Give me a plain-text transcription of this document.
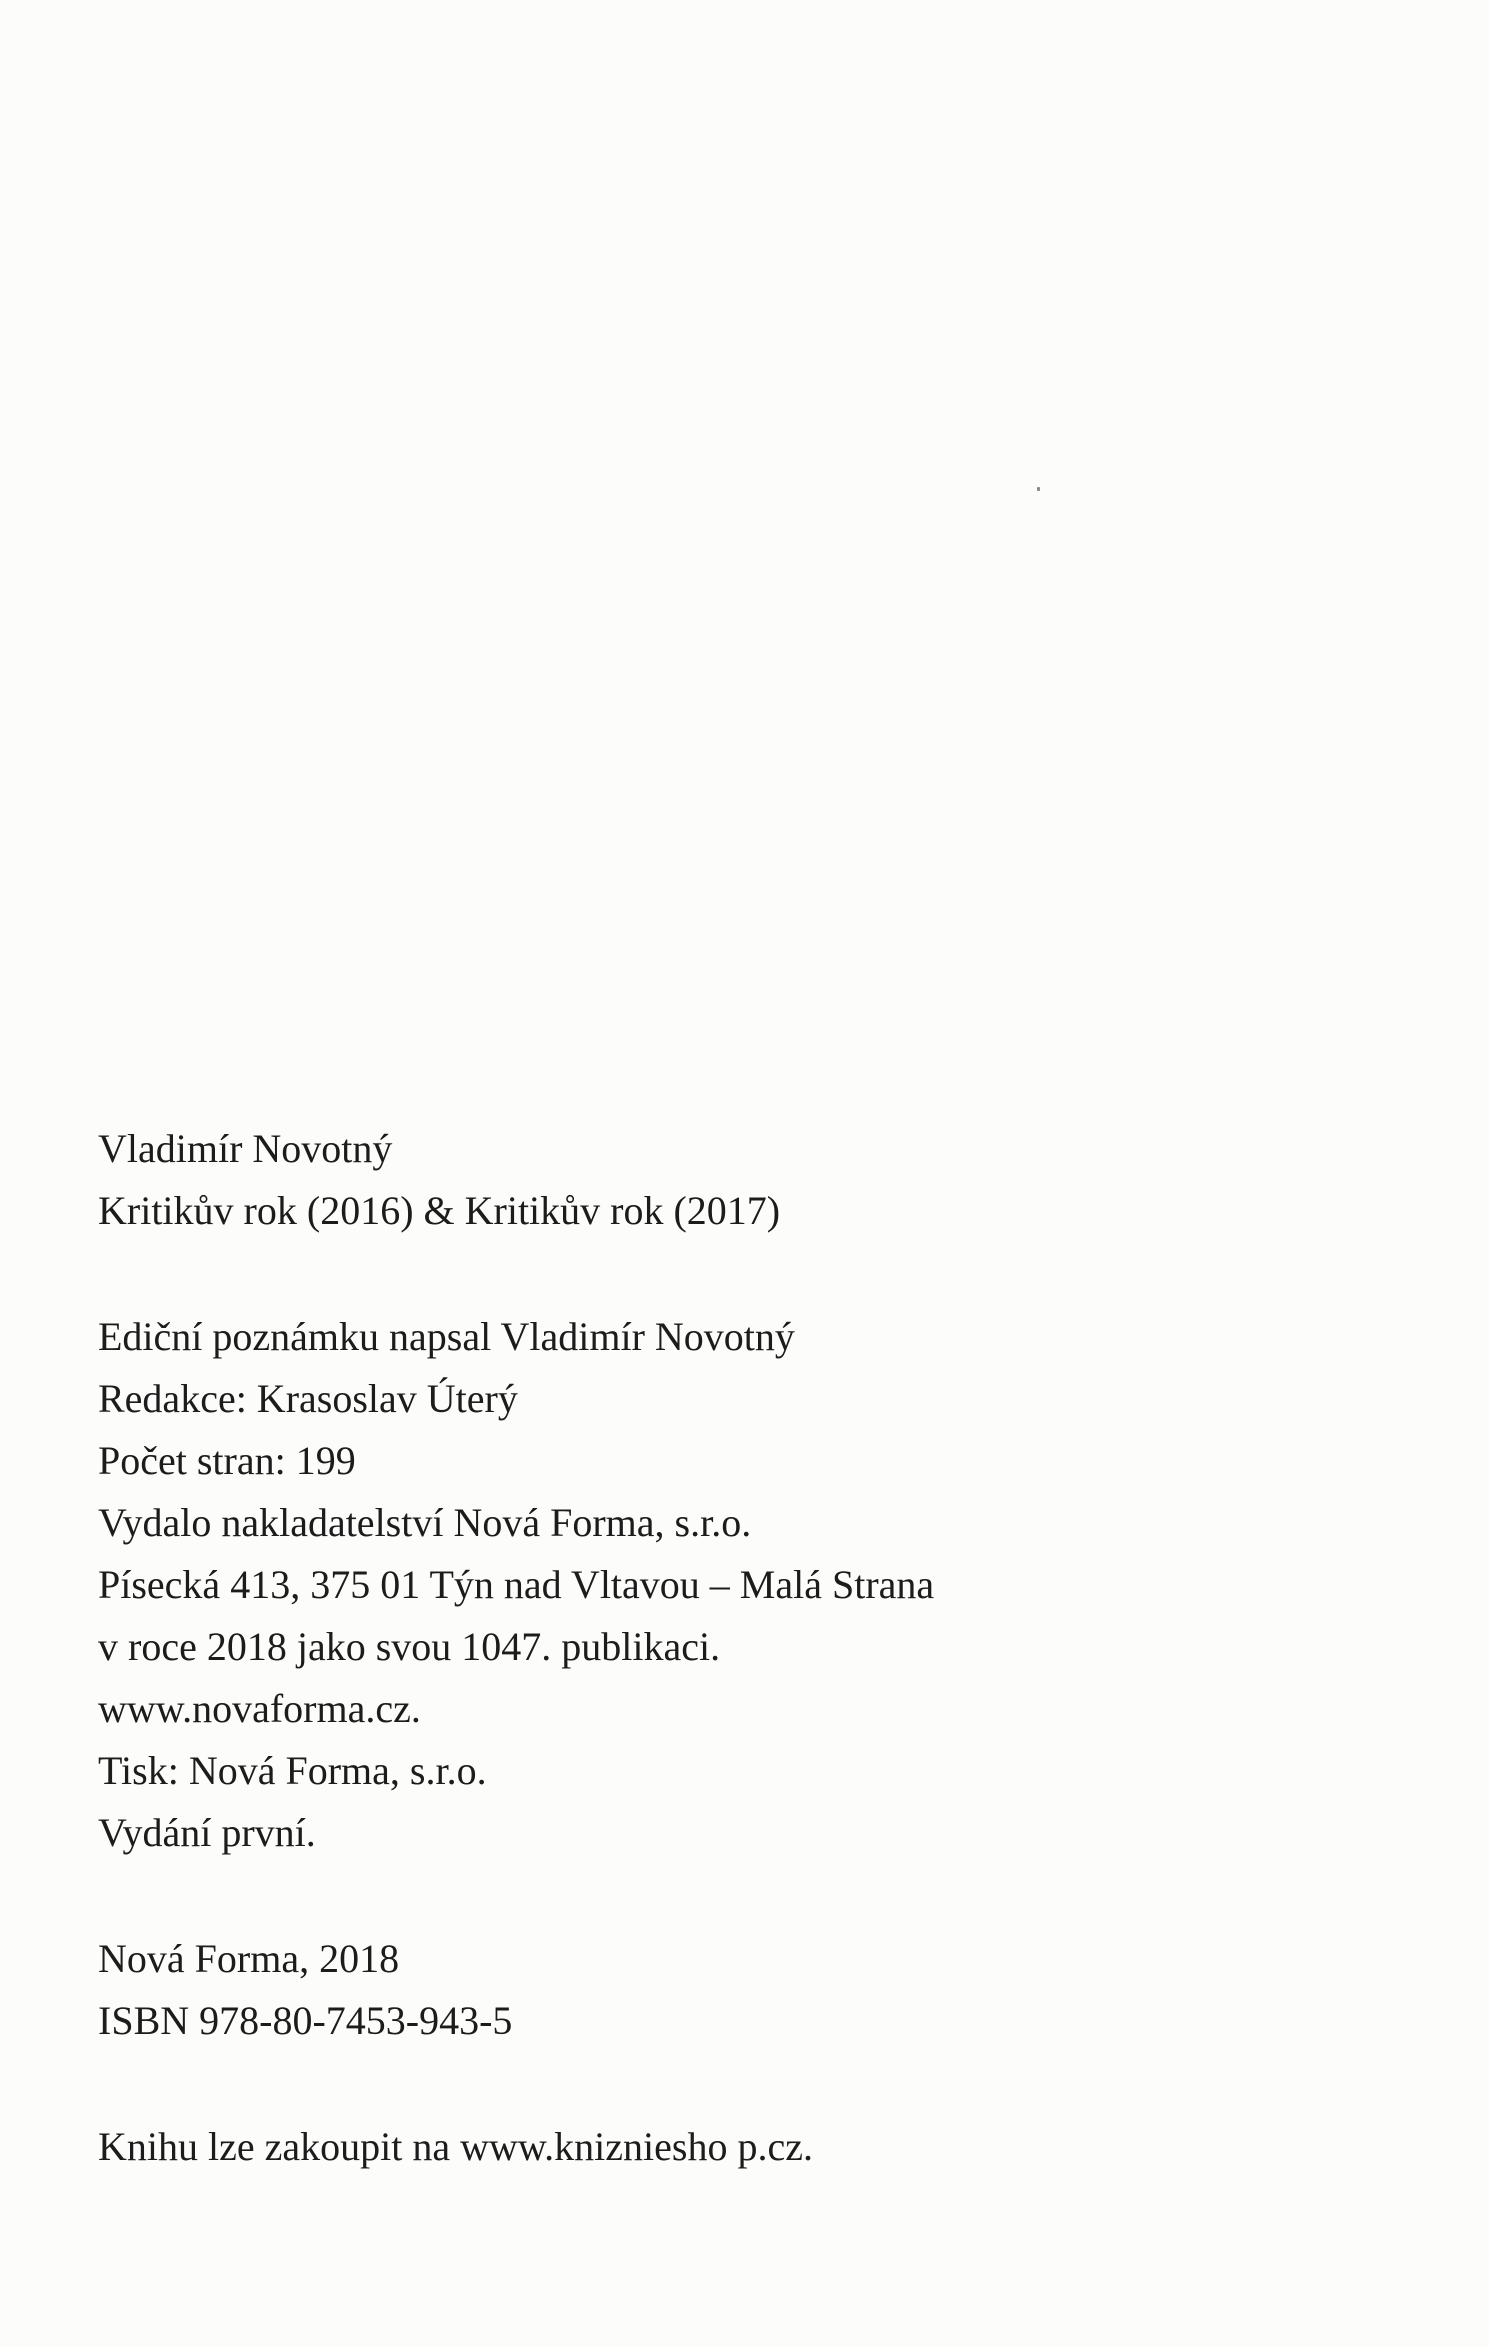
Vladimír Novotný
Kritikův rok (2016) & Kritikův rok (2017)
Ediční poznámku napsal Vladimír Novotný
Redakce: Krasoslav Úterý
Počet stran: 199
Vydalo nakladatelství Nová Forma, s.r.o.
Písecká 413, 375 01 Týn nad Vltavou – Malá Strana
v roce 2018 jako svou 1047. publikaci.
www.novaforma.cz.
Tisk: Nová Forma, s.r.o.
Vydání první.
Nová Forma, 2018
ISBN 978-80-7453-943-5
Knihu lze zakoupit na www.knizniesho p.cz.
